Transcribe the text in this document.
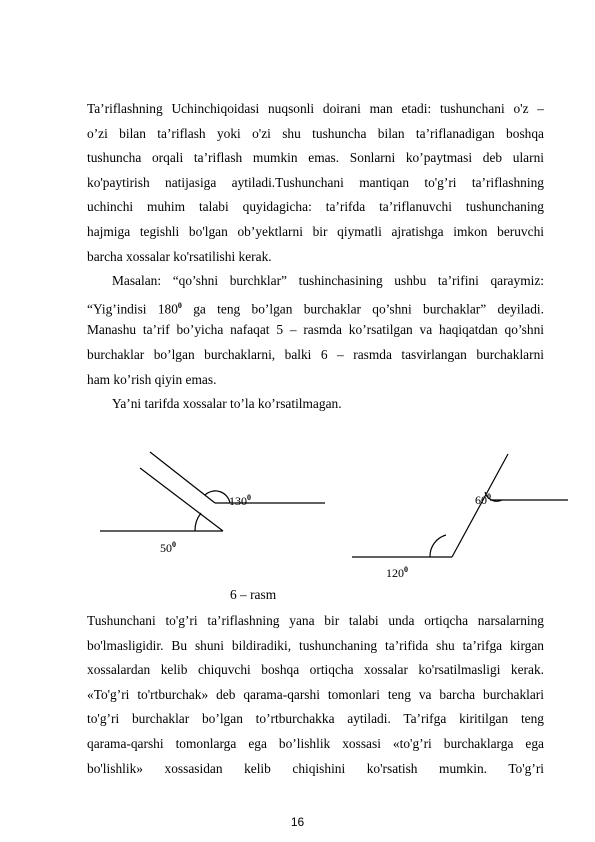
Ta’riflashning Uchinchiqoidasi nuqsonli doirani man etadi: tushunchani o'z –

o’zi bilan ta’riflash yoki o'zi shu tushuncha bilan ta’riflanadigan boshqa

tushuncha orqali ta’riflash mumkin emas. Sonlarni ko’paytmasi deb ularni

ko'paytirish natijasiga aytiladi.Tushunchani mantiqan to'g’ri ta’riflashning

uchinchi muhim talabi quyidagicha: ta’rifda ta’riflanuvchi tushunchaning

hajmiga tegishli bo'lgan ob’yektlarni bir qiymatli ajratishga imkon beruvchi

barcha xossalar ko'rsatilishi kerak.

Masalan: “qo’shni burchklar” tushinchasining ushbu ta’rifini qaraymiz:

“Yig’indisi $180^0$ ga teng bo’lgan burchaklar qo’shni burchaklar” deyiladi.

Manashu ta’rif bo’yicha nafaqat 5 – rasmda ko’rsatilgan va haqiqatdan qo’shni

burchaklar bo’lgan burchaklarni, balki 6 – rasmda tasvirlangan burchaklarni

ham ko’rish qiyin emas.

Ya’ni tarifda xossalar to’la ko’rsatilmagan.

$130^0$
$50^0$
$60^0$
$120^0$
6 – rasm

Tushunchani to'g’ri ta’riflashning yana bir talabi unda ortiqcha narsalarning

bo'lmasligidir. Bu shuni bildiradiki, tushunchaning ta’rifida shu ta’rifga kirgan

xossalardan kelib chiquvchi boshqa ortiqcha xossalar ko'rsatilmasligi kerak.

«To'g’ri to'rtburchak» deb qarama-qarshi tomonlari teng va barcha burchaklari

to'g’ri burchaklar bo’lgan to’rtburchakka aytiladi. Ta’rifga kiritilgan teng

qarama-qarshi tomonlarga ega bo’lishlik xossasi «to'g’ri burchaklarga ega

bo'lishlik» xossasidan kelib chiqishini ko'rsatish mumkin. To'g’ri

16
